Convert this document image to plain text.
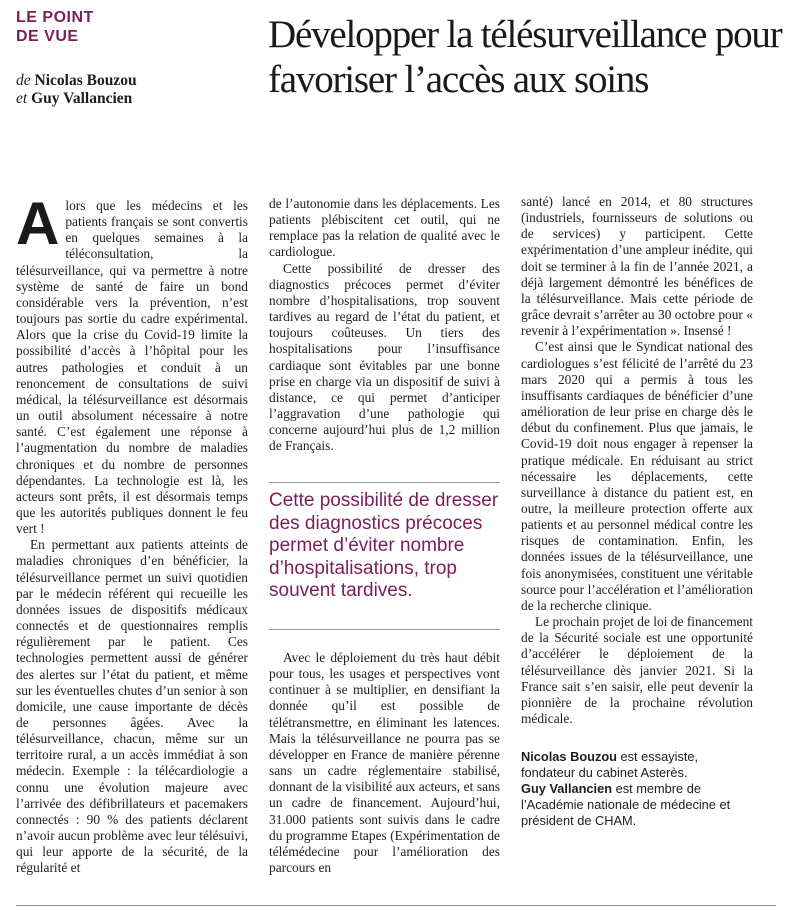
LE POINT
DE VUE
de Nicolas Bouzou
et Guy Vallancien
Développer la télésurveillance pour favoriser l’accès aux soins

Alors que les médecins et les patients français se sont convertis en quelques semaines à la téléconsultation, la télésurveillance, qui va permettre à notre système de santé de faire un bond considérable vers la prévention, n’est toujours pas sortie du cadre expérimental. Alors que la crise du Covid-19 limite la possibilité d’accès à l’hôpital pour les autres pathologies et conduit à un renoncement de consultations de suivi médical, la télésurveillance est désormais un outil absolument nécessaire à notre santé. C’est également une réponse à l’augmentation du nombre de maladies chroniques et du nombre de personnes dépendantes. La technologie est là, les acteurs sont prêts, il est désormais temps que les autorités publiques donnent le feu vert !

En permettant aux patients atteints de maladies chroniques d’en bénéficier, la télésurveillance permet un suivi quotidien par le médecin référent qui recueille les données issues de dispositifs médicaux connectés et de questionnaires remplis régulièrement par le patient. Ces technologies permettent aussi de générer des alertes sur l’état du patient, et même sur les éventuelles chutes d’un senior à son domicile, une cause importante de décès de personnes âgées. Avec la télésurveillance, chacun, même sur un territoire rural, a un accès immédiat à son médecin. Exemple : la télécardiologie a connu une évolution majeure avec l’arrivée des défibrillateurs et pacemakers connectés : 90 % des patients déclarent n’avoir aucun problème avec leur télésuivi, qui leur apporte de la sécurité, de la régularité et

de l’autonomie dans les déplacements. Les patients plébiscitent cet outil, qui ne remplace pas la relation de qualité avec le cardiologue.

Cette possibilité de dresser des diagnostics précoces permet d’éviter nombre d’hospitalisations, trop souvent tardives au regard de l’état du patient, et toujours coûteuses. Un tiers des hospitalisations pour l’insuffisance cardiaque sont évitables par une bonne prise en charge via un dispositif de suivi à distance, ce qui permet d’anticiper l’aggravation d’une pathologie qui concerne aujourd’hui plus de 1,2 million de Français.

Cette possibilité de dresser des diagnostics précoces permet d’éviter nombre d’hospitalisations, trop souvent tardives.

Avec le déploiement du très haut débit pour tous, les usages et perspectives vont continuer à se multiplier, en densifiant la donnée qu’il est possible de télétransmettre, en éliminant les latences. Mais la télésurveillance ne pourra pas se développer en France de manière pérenne sans un cadre réglementaire stabilisé, donnant de la visibilité aux acteurs, et sans un cadre de financement. Aujourd’hui, 31.000 patients sont suivis dans le cadre du programme Etapes (Expérimentation de télémédecine pour l’amélioration des parcours en

santé) lancé en 2014, et 80 structures (industriels, fournisseurs de solutions ou de services) y participent. Cette expérimentation d’une ampleur inédite, qui doit se terminer à la fin de l’année 2021, a déjà largement démontré les bénéfices de la télésurveillance. Mais cette période de grâce devrait s’arrêter au 30 octobre pour « revenir à l’expérimentation ». Insensé !

C’est ainsi que le Syndicat national des cardiologues s’est félicité de l’arrêté du 23 mars 2020 qui a permis à tous les insuffisants cardiaques de bénéficier d’une amélioration de leur prise en charge dès le début du confinement. Plus que jamais, le Covid-19 doit nous engager à repenser la pratique médicale. En réduisant au strict nécessaire les déplacements, cette surveillance à distance du patient est, en outre, la meilleure protection offerte aux patients et au personnel médical contre les risques de contamination. Enfin, les données issues de la télésurveillance, une fois anonymisées, constituent une véritable source pour l’accélération et l’amélioration de la recherche clinique.

Le prochain projet de loi de financement de la Sécurité sociale est une opportunité d’accélérer le déploiement de la télésurveillance dès janvier 2021. Si la France sait s’en saisir, elle peut devenir la pionnière de la prochaine révolution médicale.

Nicolas Bouzou est essayiste, fondateur du cabinet Asterès.
Guy Vallancien est membre de l’Académie nationale de médecine et président de CHAM.
